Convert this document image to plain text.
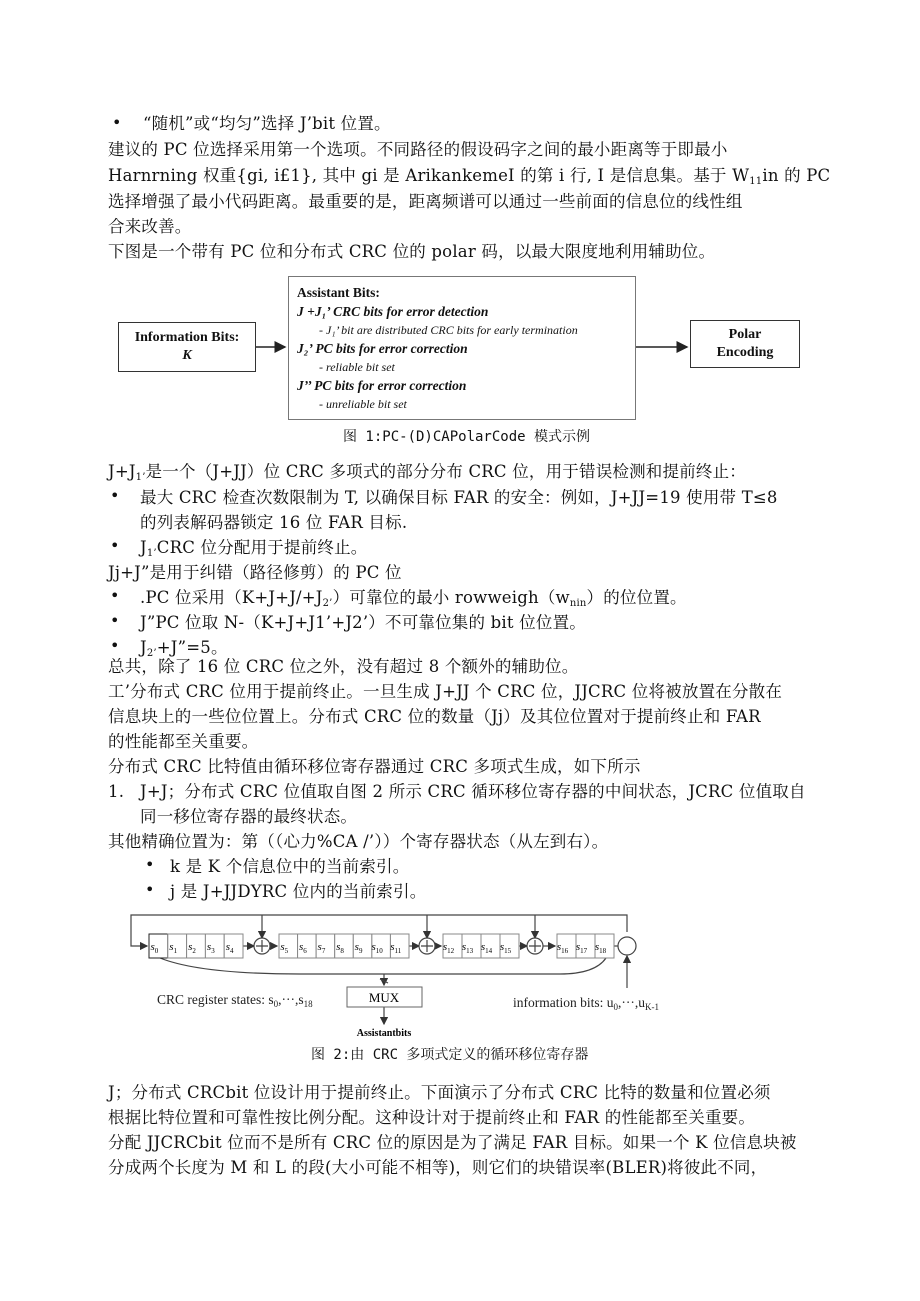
• “随机”或“均匀”选择 J’bit 位置。
建议的 PC 位选择采用第一个选项。不同路径的假设码字之间的最小距离等于即最小
Harnrning 权重{gi, i£1}, 其中 gi 是 ArikankemeI 的第 i 行, I 是信息集。基于 $W_{11}in$ 的 PC
选择增强了最小代码距离。最重要的是，距离频谱可以通过一些前面的信息位的线性组
合来改善。
下图是一个带有 PC 位和分布式 CRC 位的 polar 码，以最大限度地利用辅助位。
Information Bits:
K
Assistant Bits:
J +J₁’ CRC bits for error detection
- J₁’ bit are distributed CRC bits for early termination
J₂’ PC bits for error correction
- reliable bit set
J’’ PC bits for error correction
- unreliable bit set
Polar
Encoding
图 1:PC-(D)CAPolarCode 模式示例
$J+J_{1’}$是一个（J+JJ）位 CRC 多项式的部分分布 CRC 位，用于错误检测和提前终止：
• 最大 CRC 检查次数限制为 T, 以确保目标 FAR 的安全：例如，J+JJ=19 使用带 T≤8
的列表解码器锁定 16 位 FAR 目标.
• $J_{1’}CRC$ 位分配用于提前终止。
Jj+J”是用于纠错（路径修剪）的 PC 位
• .PC 位采用$(K+J+J/+J_{2’})$可靠位的最小 $rowweigh(w_{nin})$的位位置。
• J”PC 位取 N-（K+J+J1’+J2’）不可靠位集的 bit 位位置。
• $J_{2’}+J”=5$。
总共，除了 16 位 CRC 位之外，没有超过 8 个额外的辅助位。
工’分布式 CRC 位用于提前终止。一旦生成 J+JJ 个 CRC 位，JJCRC 位将被放置在分散在
信息块上的一些位位置上。分布式 CRC 位的数量（Jj）及其位位置对于提前终止和 FAR
的性能都至关重要。
分布式 CRC 比特值由循环移位寄存器通过 CRC 多项式生成，如下所示
1. J+J；分布式 CRC 位值取自图 2 所示 CRC 循环移位寄存器的中间状态，JCRC 位值取自
同一移位寄存器的最终状态。
其他精确位置为：第（（心力%CA /’））个寄存器状态（从左到右）。
• k 是 K 个信息位中的当前索引。
• j 是 J+JJDYRC 位内的当前索引。
$s_0$ $s_1$ $s_2$ $s_3$ $s_4$	$s_5$ $s_6$ $s_7$ $s_8$ $s_9$ $s_{10}$ $s_{11}$	$s_{12}$ $s_{13}$ $s_{14}$ $s_{15}$	$s_{16}$ $s_{17}$ $s_{18}$
MUX
CRC register states: $s_0,\cdot\cdot\cdot,s_{18}$	information bits: $u_0,\cdot\cdot\cdot,u_{K-1}$
Assistantbits
图 2:由 CRC 多项式定义的循环移位寄存器
J；分布式 CRCbit 位设计用于提前终止。下面演示了分布式 CRC 比特的数量和位置必须
根据比特位置和可靠性按比例分配。这种设计对于提前终止和 FAR 的性能都至关重要。
分配 JJCRCbit 位而不是所有 CRC 位的原因是为了满足 FAR 目标。如果一个 K 位信息块被
分成两个长度为 M 和 L 的段(大小可能不相等)，则它们的块错误率(BLER)将彼此不同，
